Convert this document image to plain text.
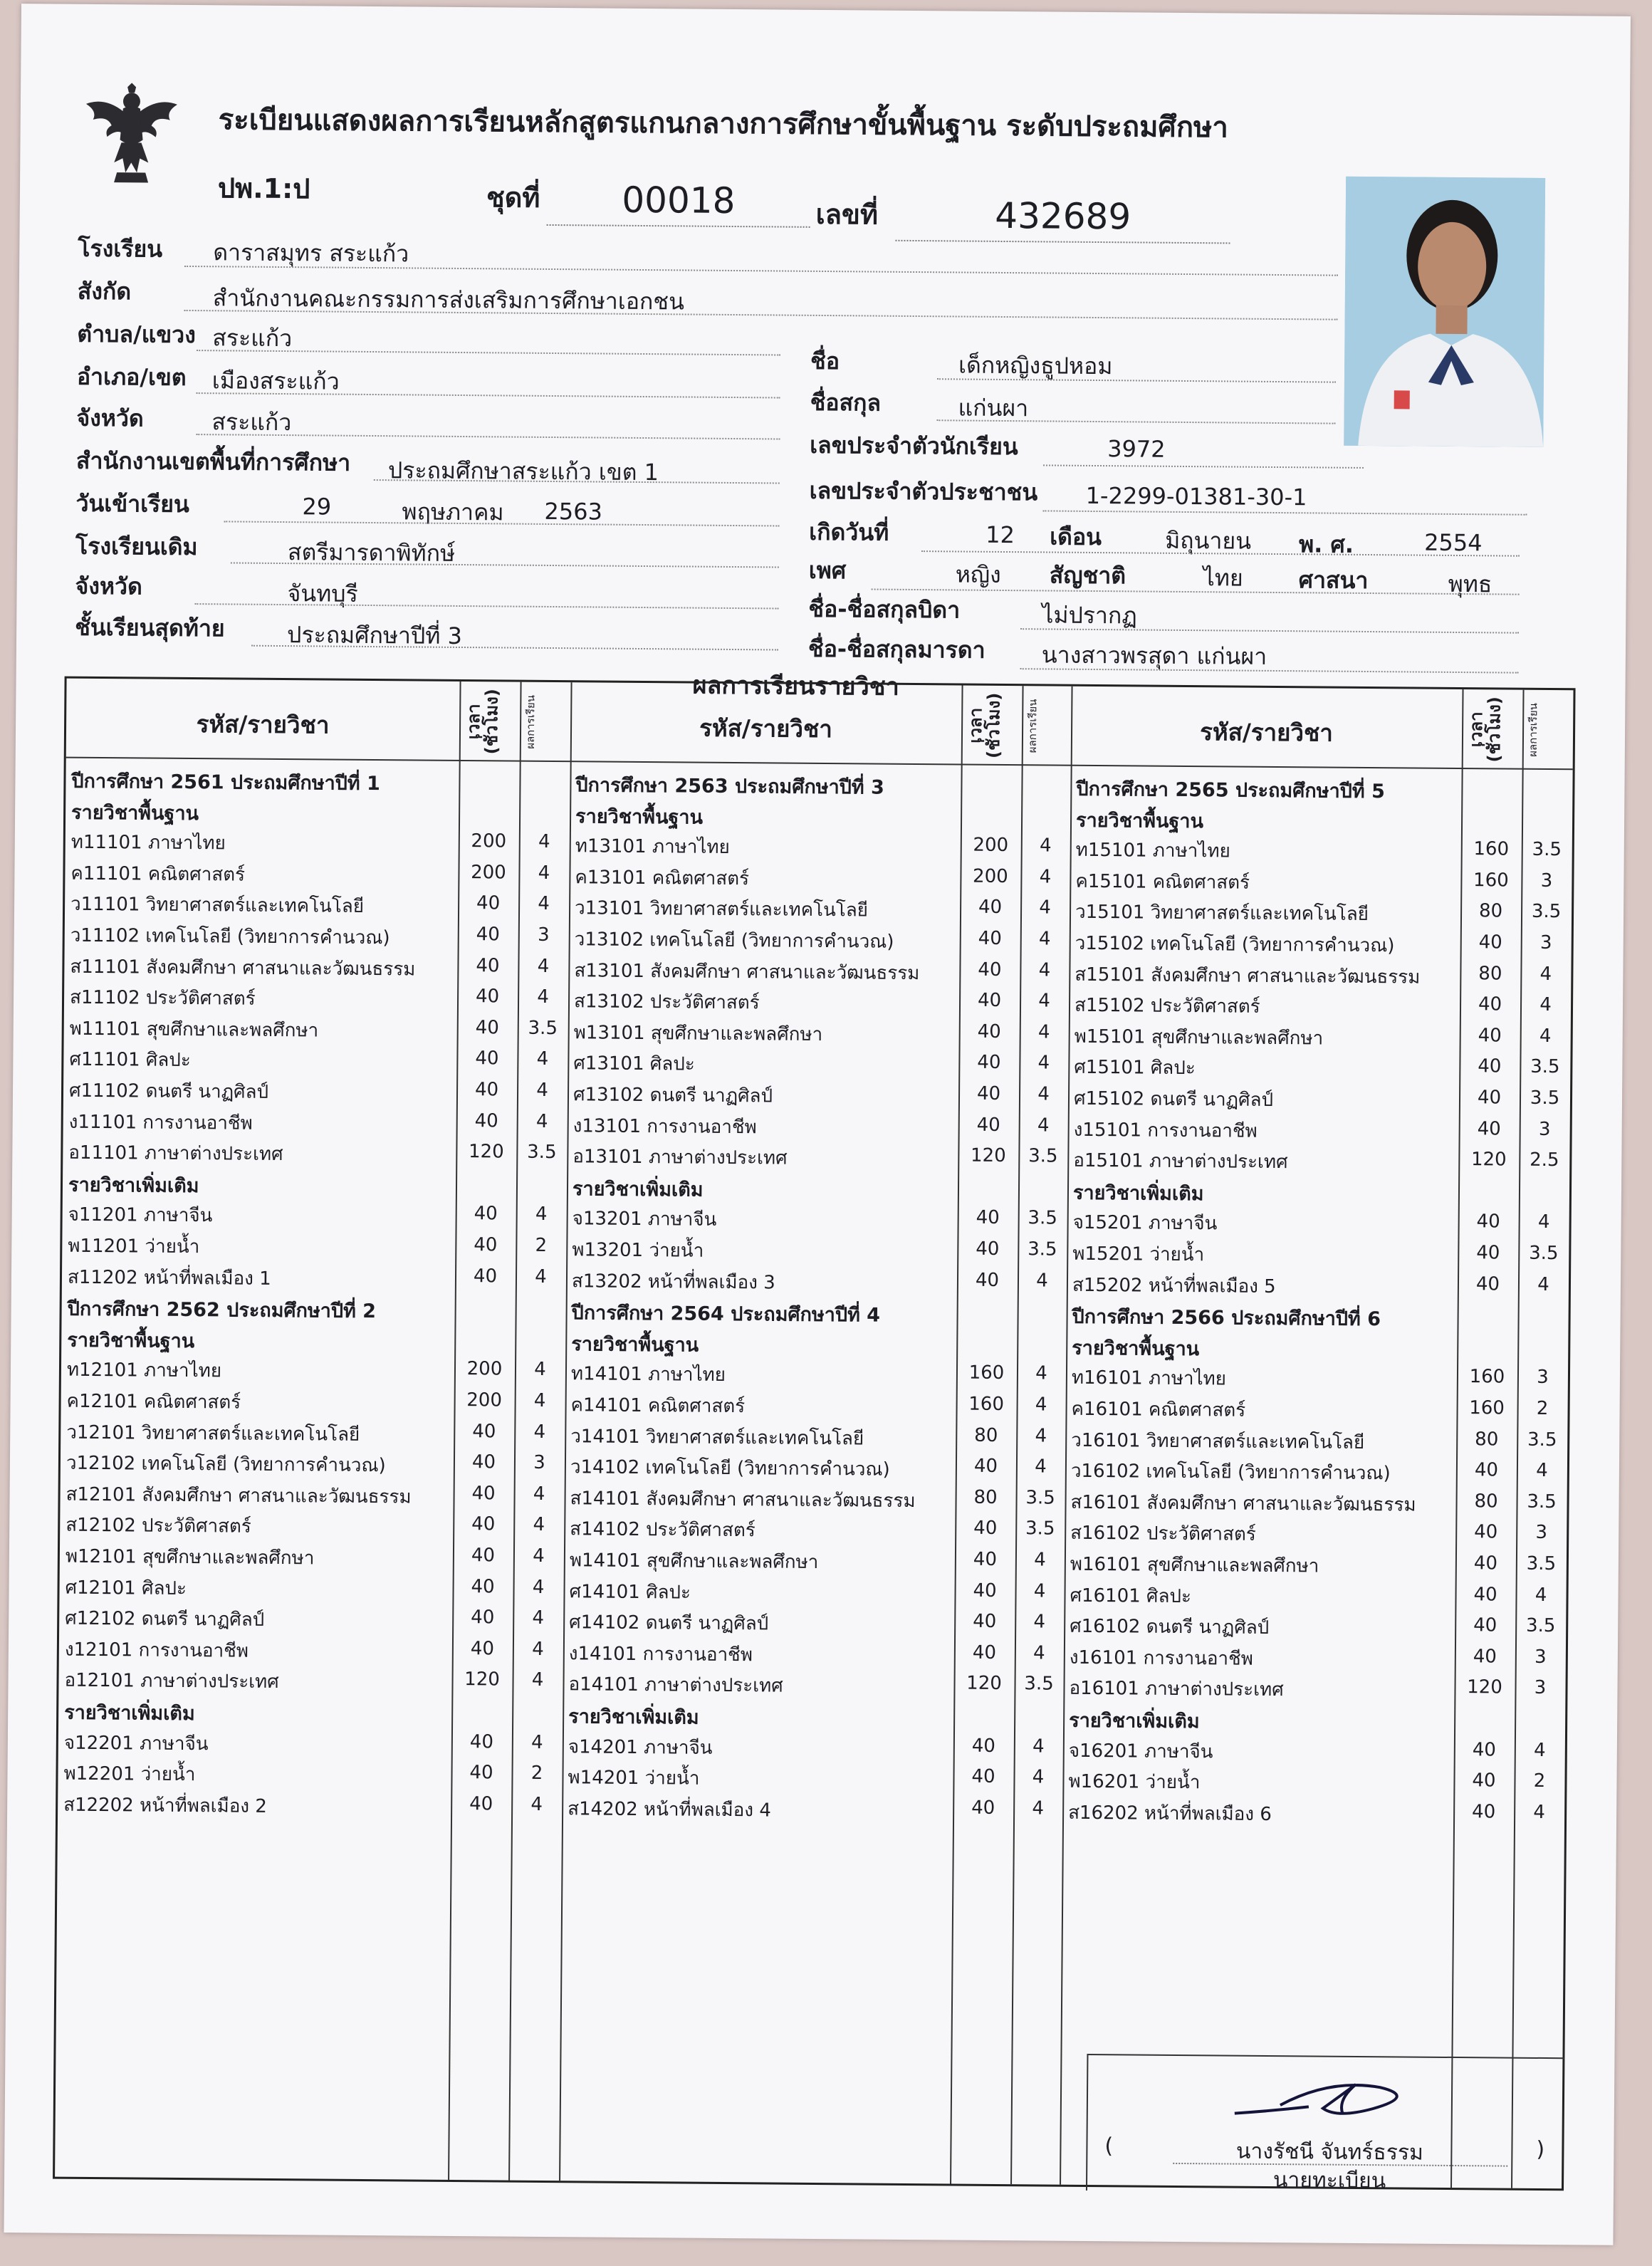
ระเบียนแสดงผลการเรียนหลักสูตรแกนกลางการศึกษาขั้นพื้นฐาน ระดับประถมศึกษา
ปพ.1:ป	ชุดที่	00018	เลขที่	432689
โรงเรียน ดาราสมุทร สระแก้ว
สังกัด	สำนักงานคณะกรรมการส่งเสริมการศึกษาเอกชน
ตำบล/แขวง สระแก้ว
อำเภอ/เขต เมืองสระแก้ว
จังหวัด	สระแก้ว
สำนักงานเขตพื้นที่การศึกษา ประถมศึกษาสระแก้ว เขต 1
วันเข้าเรียน	29	พฤษภาคม 2563
โรงเรียนเดิม	สตรีมารดาพิทักษ์
จังหวัด	จันทบุรี
ชั้นเรียนสุดท้าย	ประถมศึกษาปีที่ 3
ชื่อ	เด็กหญิงธูปหอม
ชื่อสกุล	แก่นผา
เลขประจำตัวนักเรียน	3972
เลขประจำตัวประชาชน 1-2299-01381-30-1
เกิดวันที่	12 เดือน	มิถุนายน พ. ศ.	2554
เพศ	หญิง สัญชาติ	ไทย ศาสนา	พุทธ
ชื่อ-ชื่อสกุลบิดา	ไม่ปรากฏ
ชื่อ-ชื่อสกุลมารดา นางสาวพรสุดา แก่นผา
ผลการเรียนรายวิชา
รหัส/รายวิชา	เวลา (ชั่วโมง)	ผลการเรียน	รหัส/รายวิชา	เวลา (ชั่วโมง)	ผลการเรียน	รหัส/รายวิชา	เวลา (ชั่วโมง)	ผลการเรียน
ปีการศึกษา 2561 ประถมศึกษาปีที่ 1
รายวิชาพื้นฐาน
ท11101 ภาษาไทย	200	4
ค11101 คณิตศาสตร์	200	4
ว11101 วิทยาศาสตร์และเทคโนโลยี	40	4
ว11102 เทคโนโลยี (วิทยาการคำนวณ)	40	3
ส11101 สังคมศึกษา ศาสนาและวัฒนธรรม	40	4
ส11102 ประวัติศาสตร์	40	4
พ11101 สุขศึกษาและพลศึกษา	40	3.5
ศ11101 ศิลปะ	40	4
ศ11102 ดนตรี นาฏศิลป์	40	4
ง11101 การงานอาชีพ	40	4
อ11101 ภาษาต่างประเทศ	120	3.5
รายวิชาเพิ่มเติม
จ11201 ภาษาจีน	40	4
พ11201 ว่ายน้ำ	40	2
ส11202 หน้าที่พลเมือง 1	40	4
ปีการศึกษา 2562 ประถมศึกษาปีที่ 2
รายวิชาพื้นฐาน
ท12101 ภาษาไทย	200	4
ค12101 คณิตศาสตร์	200	4
ว12101 วิทยาศาสตร์และเทคโนโลยี	40	4
ว12102 เทคโนโลยี (วิทยาการคำนวณ)	40	3
ส12101 สังคมศึกษา ศาสนาและวัฒนธรรม	40	4
ส12102 ประวัติศาสตร์	40	4
พ12101 สุขศึกษาและพลศึกษา	40	4
ศ12101 ศิลปะ	40	4
ศ12102 ดนตรี นาฏศิลป์	40	4
ง12101 การงานอาชีพ	40	4
อ12101 ภาษาต่างประเทศ	120	4
รายวิชาเพิ่มเติม
จ12201 ภาษาจีน	40	4
พ12201 ว่ายน้ำ	40	2
ส12202 หน้าที่พลเมือง 2	40	4
ปีการศึกษา 2563 ประถมศึกษาปีที่ 3
รายวิชาพื้นฐาน
ท13101 ภาษาไทย	200	4
ค13101 คณิตศาสตร์	200	4
ว13101 วิทยาศาสตร์และเทคโนโลยี	40	4
ว13102 เทคโนโลยี (วิทยาการคำนวณ)	40	4
ส13101 สังคมศึกษา ศาสนาและวัฒนธรรม	40	4
ส13102 ประวัติศาสตร์	40	4
พ13101 สุขศึกษาและพลศึกษา	40	4
ศ13101 ศิลปะ	40	4
ศ13102 ดนตรี นาฏศิลป์	40	4
ง13101 การงานอาชีพ	40	4
อ13101 ภาษาต่างประเทศ	120	3.5
รายวิชาเพิ่มเติม
จ13201 ภาษาจีน	40	3.5
พ13201 ว่ายน้ำ	40	3.5
ส13202 หน้าที่พลเมือง 3	40	4
ปีการศึกษา 2564 ประถมศึกษาปีที่ 4
รายวิชาพื้นฐาน
ท14101 ภาษาไทย	160	4
ค14101 คณิตศาสตร์	160	4
ว14101 วิทยาศาสตร์และเทคโนโลยี	80	4
ว14102 เทคโนโลยี (วิทยาการคำนวณ)	40	4
ส14101 สังคมศึกษา ศาสนาและวัฒนธรรม	80	3.5
ส14102 ประวัติศาสตร์	40	3.5
พ14101 สุขศึกษาและพลศึกษา	40	4
ศ14101 ศิลปะ	40	4
ศ14102 ดนตรี นาฏศิลป์	40	4
ง14101 การงานอาชีพ	40	4
อ14101 ภาษาต่างประเทศ	120	3.5
รายวิชาเพิ่มเติม
จ14201 ภาษาจีน	40	4
พ14201 ว่ายน้ำ	40	4
ส14202 หน้าที่พลเมือง 4	40	4
ปีการศึกษา 2565 ประถมศึกษาปีที่ 5
รายวิชาพื้นฐาน
ท15101 ภาษาไทย	160	3.5
ค15101 คณิตศาสตร์	160	3
ว15101 วิทยาศาสตร์และเทคโนโลยี	80	3.5
ว15102 เทคโนโลยี (วิทยาการคำนวณ)	40	3
ส15101 สังคมศึกษา ศาสนาและวัฒนธรรม	80	4
ส15102 ประวัติศาสตร์	40	4
พ15101 สุขศึกษาและพลศึกษา	40	4
ศ15101 ศิลปะ	40	3.5
ศ15102 ดนตรี นาฏศิลป์	40	3.5
ง15101 การงานอาชีพ	40	3
อ15101 ภาษาต่างประเทศ	120	2.5
รายวิชาเพิ่มเติม
จ15201 ภาษาจีน	40	4
พ15201 ว่ายน้ำ	40	3.5
ส15202 หน้าที่พลเมือง 5	40	4
ปีการศึกษา 2566 ประถมศึกษาปีที่ 6
รายวิชาพื้นฐาน
ท16101 ภาษาไทย	160	3
ค16101 คณิตศาสตร์	160	2
ว16101 วิทยาศาสตร์และเทคโนโลยี	80	3.5
ว16102 เทคโนโลยี (วิทยาการคำนวณ)	40	4
ส16101 สังคมศึกษา ศาสนาและวัฒนธรรม	80	3.5
ส16102 ประวัติศาสตร์	40	3
พ16101 สุขศึกษาและพลศึกษา	40	3.5
ศ16101 ศิลปะ	40	4
ศ16102 ดนตรี นาฏศิลป์	40	3.5
ง16101 การงานอาชีพ	40	3
อ16101 ภาษาต่างประเทศ	120	3
รายวิชาเพิ่มเติม
จ16201 ภาษาจีน	40	4
พ16201 ว่ายน้ำ	40	2
ส16202 หน้าที่พลเมือง 6	40	4
(	นางรัชนี จันทร์ธรรม	)
นายทะเบียน
